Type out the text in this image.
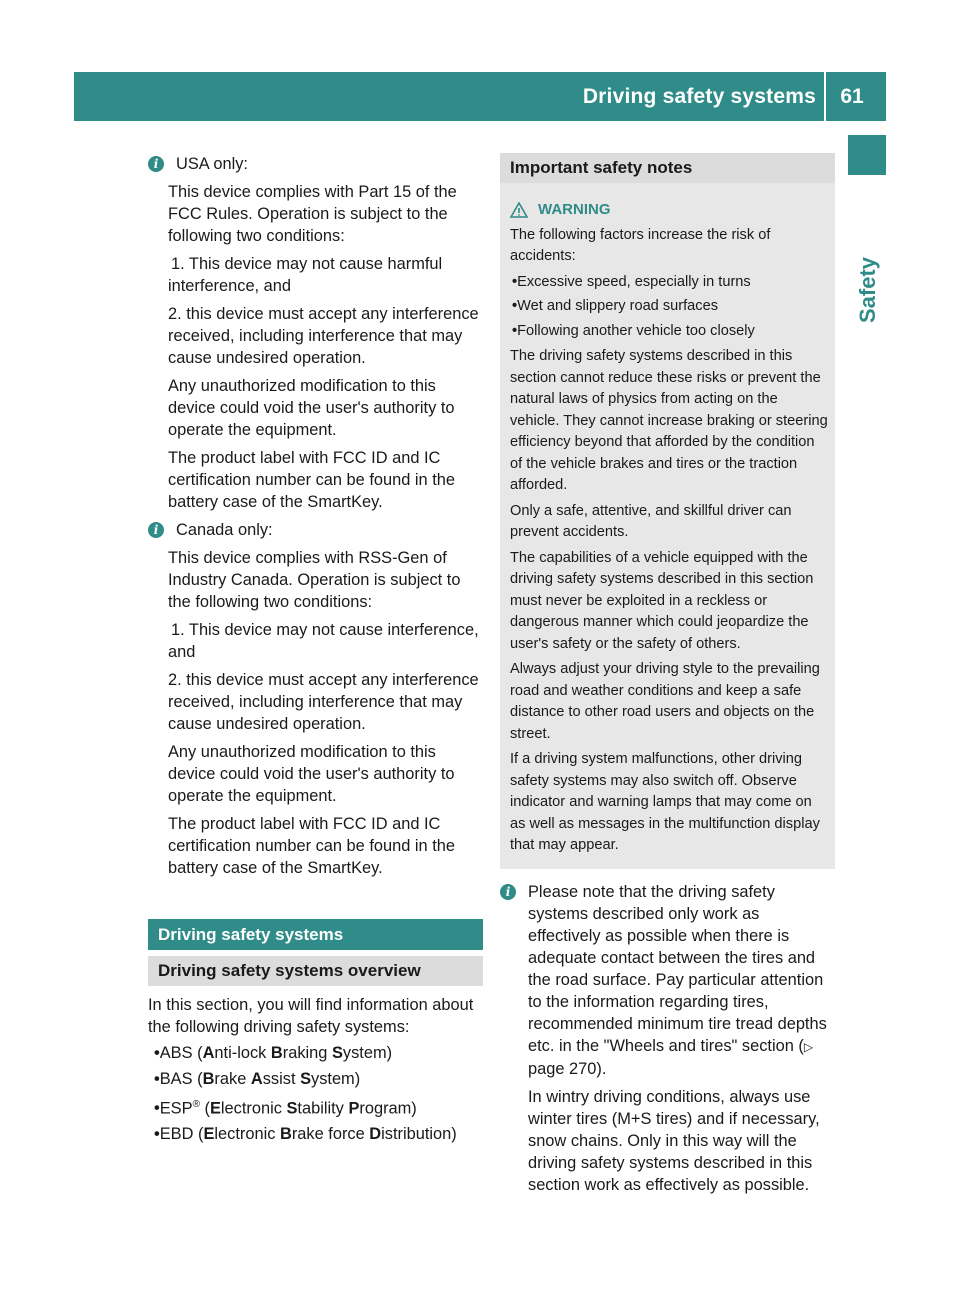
Driving safety systems	61
Safety
i	USA only:

This device complies with Part 15 of the FCC Rules. Operation is subject to the following two conditions:

1. This device may not cause harmful interference, and

2. this device must accept any interference received, including interference that may cause undesired operation.

Any unauthorized modification to this device could void the user's authority to operate the equipment.

The product label with FCC ID and IC certification number can be found in the battery case of the SmartKey.

i	Canada only:

This device complies with RSS-Gen of Industry Canada. Operation is subject to the following two conditions:

1. This device may not cause interference, and

2. this device must accept any interference received, including interference that may cause undesired operation.

Any unauthorized modification to this device could void the user's authority to operate the equipment.

The product label with FCC ID and IC certification number can be found in the battery case of the SmartKey.

Driving safety systems
Driving safety systems overview

In this section, you will find information about the following driving safety systems:

• ABS (Anti-lock Braking System)
• BAS (Brake Assist System)
• ESP® (Electronic Stability Program)
• EBD (Electronic Brake force Distribution)
Important safety notes
WARNING

The following factors increase the risk of accidents:

• Excessive speed, especially in turns
• Wet and slippery road surfaces
• Following another vehicle too closely

The driving safety systems described in this section cannot reduce these risks or prevent the natural laws of physics from acting on the vehicle. They cannot increase braking or steering efficiency beyond that afforded by the condition of the vehicle brakes and tires or the traction afforded.

Only a safe, attentive, and skillful driver can prevent accidents.

The capabilities of a vehicle equipped with the driving safety systems described in this section must never be exploited in a reckless or dangerous manner which could jeopardize the user's safety or the safety of others.

Always adjust your driving style to the prevailing road and weather conditions and keep a safe distance to other road users and objects on the street.

If a driving system malfunctions, other driving safety systems may also switch off. Observe indicator and warning lamps that may come on as well as messages in the multifunction display that may appear.

i	Please note that the driving safety systems described only work as effectively as possible when there is adequate contact between the tires and the road surface. Pay particular attention to the information regarding tires, recommended minimum tire tread depths etc. in the "Wheels and tires" section (▷ page 270).

In wintry driving conditions, always use winter tires (M+S tires) and if necessary, snow chains. Only in this way will the driving safety systems described in this section work as effectively as possible.
